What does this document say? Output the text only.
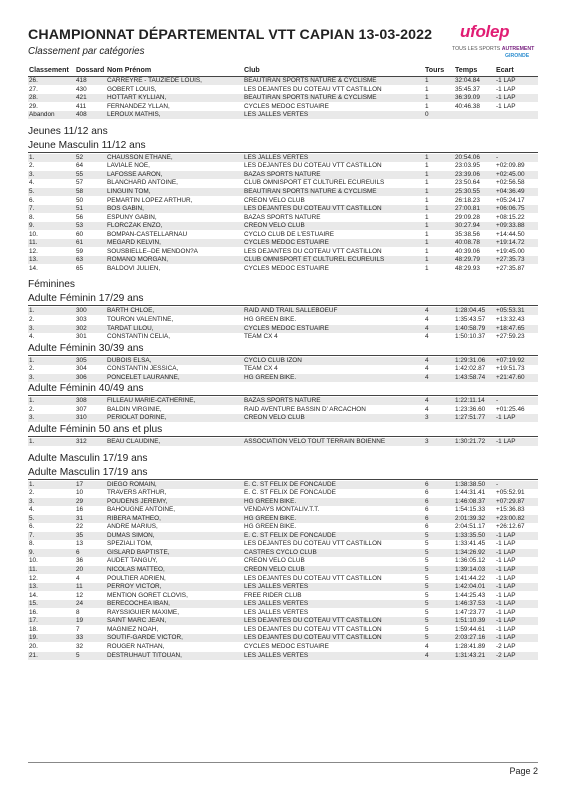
CHAMPIONNAT DÉPARTEMENTAL VTT CAPIAN 13-03-2022
Classement par catégories
ufolep
TOUS LES SPORTS AUTREMENT
GIRONDE
Classement	Dossard Nom Prénom	Club	Tours	Temps	Ecart
26.	418	CARREYRE - TAUZIEDE LOUIS,	BEAUTIRAN SPORTS NATURE & CYCLISME	1	32:04.84	-1 LAP
27.	430	GOBERT LOUIS,	LES DEJANTES DU COTEAU VTT CASTILLON	1	35:45.37	-1 LAP
28.	421	HOTTART KYLLIAN,	BEAUTIRAN SPORTS NATURE & CYCLISME	1	36:39.09	-1 LAP
29.	411	FERNANDEZ YLLAN,	CYCLES MEDOC ESTUAIRE	1	40:46.38	-1 LAP
Abandon	408	LEROUX MATHIS,	LES JALLES VERTES	0
Jeunes 11/12 ans
Jeune Masculin 11/12 ans
1.	52	CHAUSSON ETHANE,	LES JALLES VERTES	1	20:54.06	-
2.	64	LAVIALE NOE,	LES DEJANTES DU COTEAU VTT CASTILLON	1	23:03.95	+02:09.89
3.	55	LAFOSSE AARON,	BAZAS SPORTS NATURE	1	23:39.06	+02:45.00
4.	57	BLANCHARD ANTOINE,	CLUB OMNISPORT ET CULTUREL ECUREUILS	1	23:50.64	+02:56.58
5.	58	LINGUIN TOM,	BEAUTIRAN SPORTS NATURE & CYCLISME	1	25:30.55	+04:36.49
6.	50	PEMARTIN LOPEZ ARTHUR,	CREON VELO CLUB	1	26:18.23	+05:24.17
7.	51	BOS GABIN,	LES DEJANTES DU COTEAU VTT CASTILLON	1	27:00.81	+06:06.75
8.	56	ESPUNY GABIN,	BAZAS SPORTS NATURE	1	29:09.28	+08:15.22
9.	53	FLORCZAK ENZO,	CREON VELO CLUB	1	30:27.94	+09:33.88
10.	60	BOMPAN-CASTELLARNAU	CYCLO CLUB DE L'ESTUAIRE	1	35:38.56	+14:44.50
11.	61	MEGARD KELVIN,	CYCLES MEDOC ESTUAIRE	1	40:08.78	+19:14.72
12.	59	SOUSBIELLE--DE MENDON?A	LES DEJANTES DU COTEAU VTT CASTILLON	1	40:39.06	+19:45.00
13.	63	ROMANO MORGAN,	CLUB OMNISPORT ET CULTUREL ECUREUILS	1	48:29.79	+27:35.73
14.	65	BALDOVI JULIEN,	CYCLES MEDOC ESTUAIRE	1	48:29.93	+27:35.87
Féminines
Adulte Féminin 17/29 ans
1.	300	BARTH CHLOE,	RAID AND TRAIL SALLEBOEUF	4	1:28:04.45	+05:53.31
2.	303	TOURON VALENTINE,	HG GREEN BIKE.	4	1:35:43.57	+13:32.43
3.	302	TARDAT LILOU,	CYCLES MEDOC ESTUAIRE	4	1:40:58.79	+18:47.65
4.	301	CONSTANTIN CELIA,	TEAM CX 4	4	1:50:10.37	+27:59.23
Adulte Féminin 30/39 ans
1.	305	DUBOIS ELSA,	CYCLO CLUB IZON	4	1:29:31.06	+07:19.92
2.	304	CONSTANTIN JESSICA,	TEAM CX 4	4	1:42:02.87	+19:51.73
3.	306	PONCELET LAURANNE,	HG GREEN BIKE.	4	1:43:58.74	+21:47.60
Adulte Féminin 40/49 ans
1.	308	FILLEAU MARIE-CATHERINE,	BAZAS SPORTS NATURE	4	1:22:11.14	-
2.	307	BALDIN VIRGINIE,	RAID AVENTURE BASSIN D' ARCACHON	4	1:23:36.60	+01:25.46
3.	310	PERIOLAT DORINE,	CREON VELO CLUB	3	1:27:51.77	-1 LAP
Adulte Féminin 50 ans et plus
1.	312	BEAU CLAUDINE,	ASSOCIATION VELO TOUT TERRAIN BOIENNE	3	1:30:21.72	-1 LAP
Adulte Masculin 17/19 ans
Adulte Masculin 17/19 ans
1.	17	DIEGO ROMAIN,	E. C. ST FELIX DE FONCAUDE	6	1:38:38.50	-
2.	10	TRAVERS ARTHUR,	E. C. ST FELIX DE FONCAUDE	6	1:44:31.41	+05:52.91
3.	29	POUDENS JEREMY,	HG GREEN BIKE.	6	1:46:08.37	+07:29.87
4.	16	BAHOUGNE ANTOINE,	VENDAYS MONTALIV.T.T.	6	1:54:15.33	+15:36.83
5.	31	RIBERA MATHEO,	HG GREEN BIKE.	6	2:01:39.32	+23:00.82
6.	22	ANDRE MARIUS,	HG GREEN BIKE.	6	2:04:51.17	+26:12.67
7.	35	DUMAS SIMON,	E. C. ST FELIX DE FONCAUDE	5	1:33:35.50	-1 LAP
8.	13	SPEZIALI TOM,	LES DEJANTES DU COTEAU VTT CASTILLON	5	1:33:41.45	-1 LAP
9.	6	GISLARD BAPTISTE,	CASTRES CYCLO CLUB	5	1:34:26.92	-1 LAP
10.	36	AUDET TANGUY,	CREON VELO CLUB	5	1:36:05.12	-1 LAP
11.	20	NICOLAS MATTEO,	CREON VELO CLUB	5	1:39:14.03	-1 LAP
12.	4	POULTIER ADRIEN,	LES DEJANTES DU COTEAU VTT CASTILLON	5	1:41:44.22	-1 LAP
13.	11	PERROY VICTOR,	LES JALLES VERTES	5	1:42:04.01	-1 LAP
14.	12	MENTION GORET CLOVIS,	FREE RIDER CLUB	5	1:44:25.43	-1 LAP
15.	24	BERECOCHEA IBAN,	LES JALLES VERTES	5	1:46:37.53	-1 LAP
16.	8	RAYSSIGUIER MAXIME,	LES JALLES VERTES	5	1:47:23.77	-1 LAP
17.	19	SAINT MARC JEAN,	LES DEJANTES DU COTEAU VTT CASTILLON	5	1:51:10.39	-1 LAP
18.	7	MAGNIEZ NOAH,	LES DEJANTES DU COTEAU VTT CASTILLON	5	1:59:44.61	-1 LAP
19.	33	SOUTIF-GARDE VICTOR,	LES DEJANTES DU COTEAU VTT CASTILLON	5	2:03:27.16	-1 LAP
20.	32	ROUGER NATHAN,	CYCLES MEDOC ESTUAIRE	4	1:28:41.89	-2 LAP
21.	5	DESTRUHAUT TITOUAN,	LES JALLES VERTES	4	1:31:43.21	-2 LAP
Page 2
